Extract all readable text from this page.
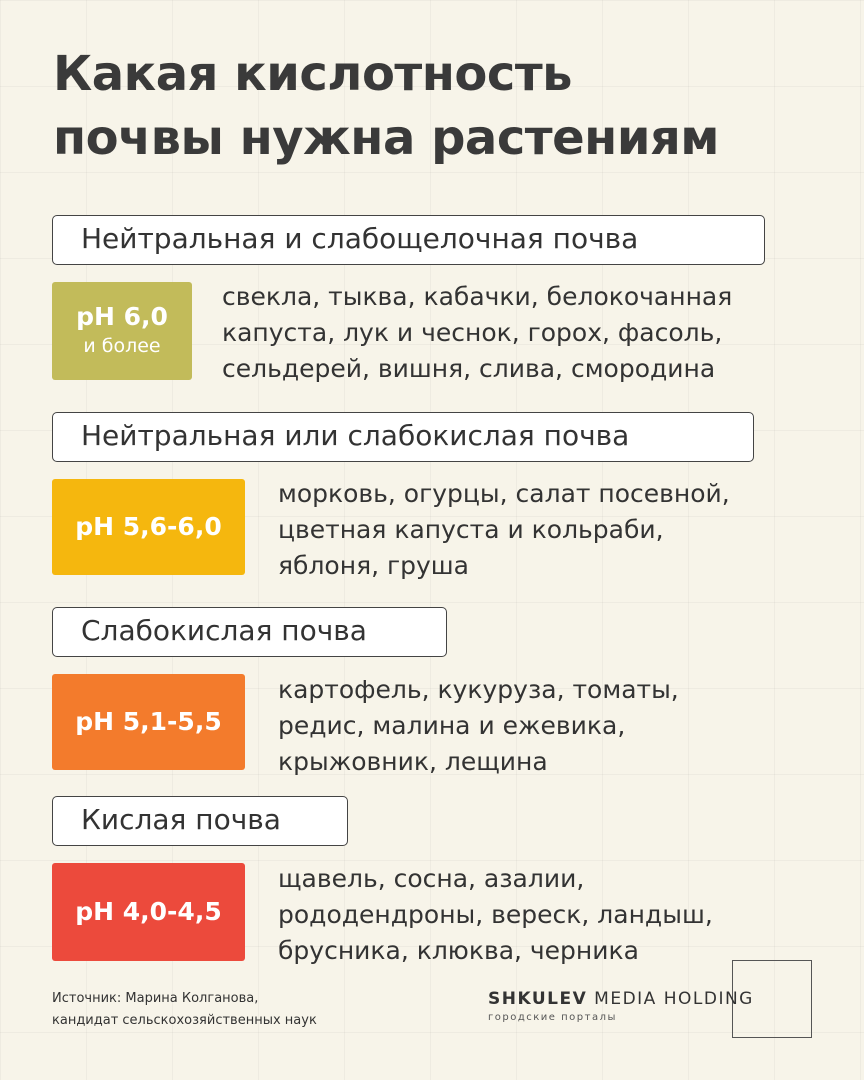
Какая кислотность
почвы нужна растениям
Нейтральная и слабощелочная почва
pH 6,0
и более

свекла, тыква, кабачки, белокочанная
капуста, лук и чеснок, горох, фасоль,
сельдерей, вишня, слива, смородина

Нейтральная или слабокислая почва
pH 5,6-6,0

морковь, огурцы, салат посевной,
цветная капуста и кольраби,
яблоня, груша

Слабокислая почва
pH 5,1-5,5

картофель, кукуруза, томаты,
редис, малина и ежевика,
крыжовник, лещина

Кислая почва
pH 4,0-4,5

щавель, сосна, азалии,
рододендроны, вереск, ландыш,
брусника, клюква, черника

Источник: Марина Колганова,
кандидат сельскохозяйственных наук
SHKULEV MEDIA HOLDING
городские порталы
